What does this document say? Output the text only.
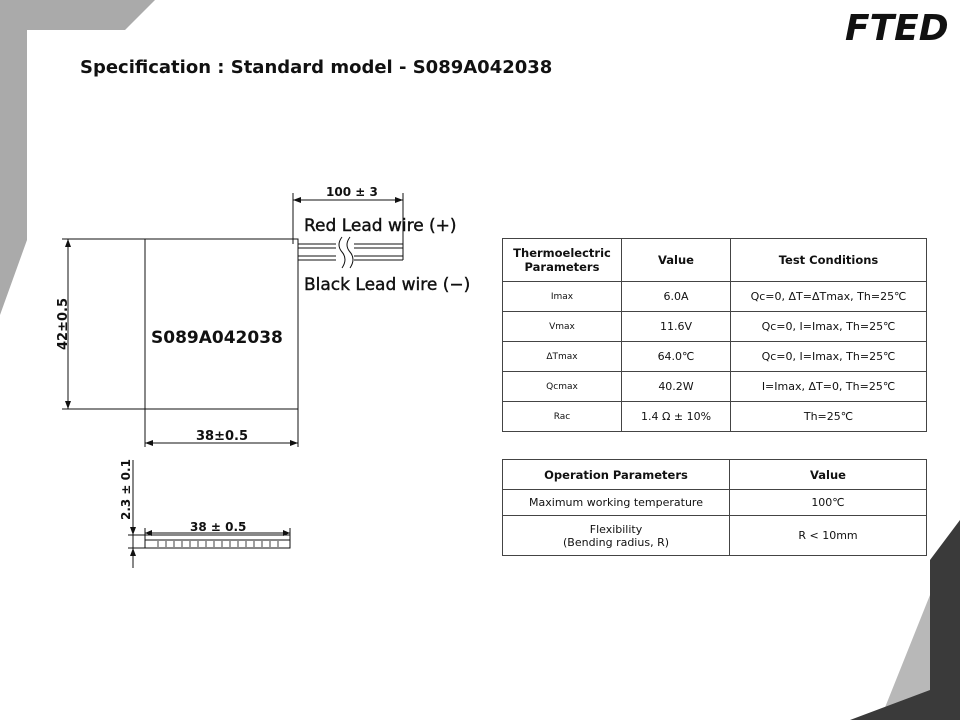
FTED
Specification : Standard model - S089A042038
100 ± 3
Red Lead wire (+)
Black Lead wire (−)
S089A042038
42±0.5
38±0.5
2.3 ± 0.1
38 ± 0.5
Thermoelectric Parameters	Value	Test Conditions
Imax	6.0A	Qc=0, ΔT=ΔTmax, Th=25℃
Vmax	11.6V	Qc=0, I=Imax, Th=25℃
ΔTmax	64.0℃	Qc=0, I=Imax, Th=25℃
Qcmax	40.2W	I=Imax, ΔT=0, Th=25℃
Rac	1.4 Ω ± 10%	Th=25℃
Operation Parameters	Value
Maximum working temperature	100℃

Flexibility
(Bending radius, R)	R < 10mm
